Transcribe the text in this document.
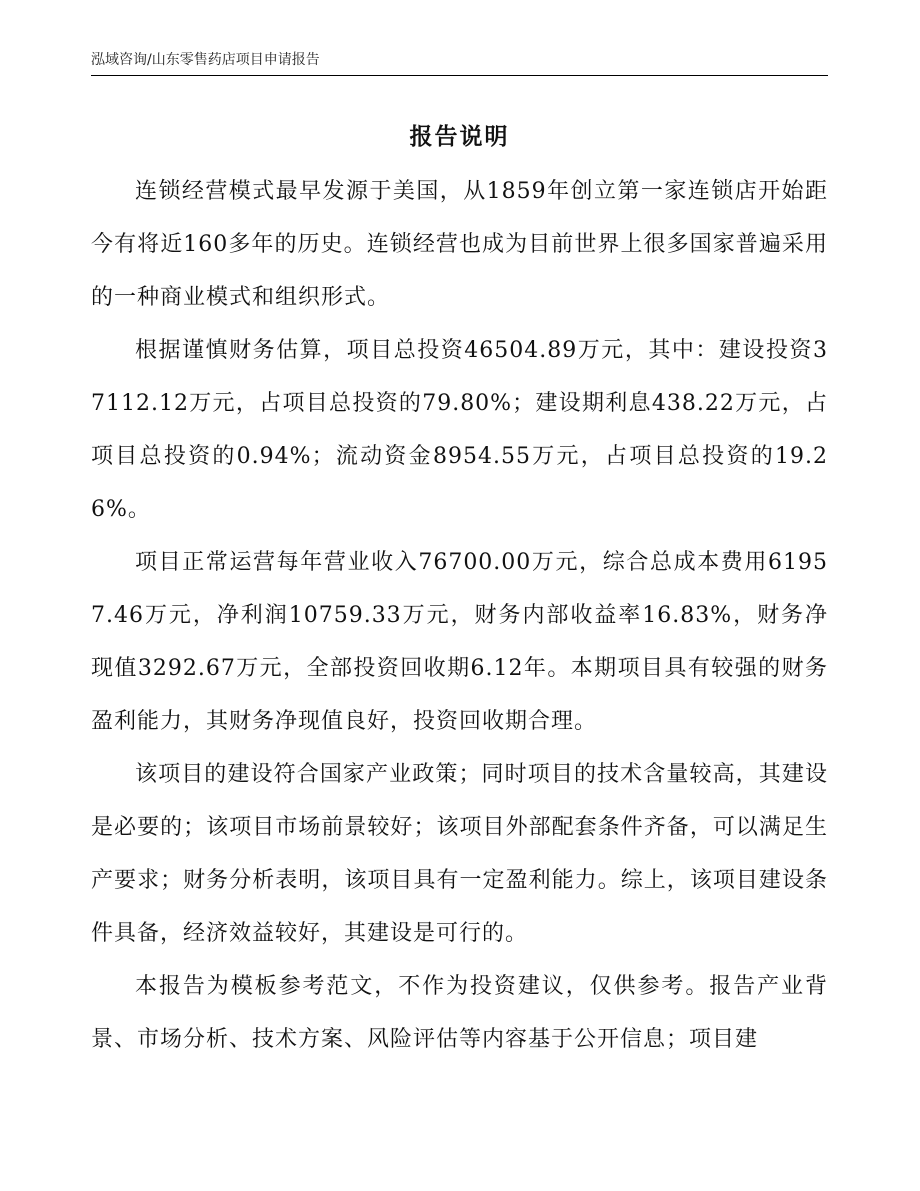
泓域咨询/山东零售药店项目申请报告
报告说明

连锁经营模式最早发源于美国，从1859年创立第一家连锁店开始距今有将近160多年的历史。连锁经营也成为目前世界上很多国家普遍采用的一种商业模式和组织形式。

根据谨慎财务估算，项目总投资46504.89万元，其中：建设投资37112.12万元，占项目总投资的79.80%；建设期利息438.22万元，占项目总投资的0.94%；流动资金8954.55万元，占项目总投资的19.26%。

项目正常运营每年营业收入76700.00万元，综合总成本费用61957.46万元，净利润10759.33万元，财务内部收益率16.83%，财务净现值3292.67万元，全部投资回收期6.12年。本期项目具有较强的财务盈利能力，其财务净现值良好，投资回收期合理。

该项目的建设符合国家产业政策；同时项目的技术含量较高，其建设是必要的；该项目市场前景较好；该项目外部配套条件齐备，可以满足生产要求；财务分析表明，该项目具有一定盈利能力。综上，该项目建设条件具备，经济效益较好，其建设是可行的。

本报告为模板参考范文，不作为投资建议，仅供参考。报告产业背景、市场分析、技术方案、风险评估等内容基于公开信息；项目建
